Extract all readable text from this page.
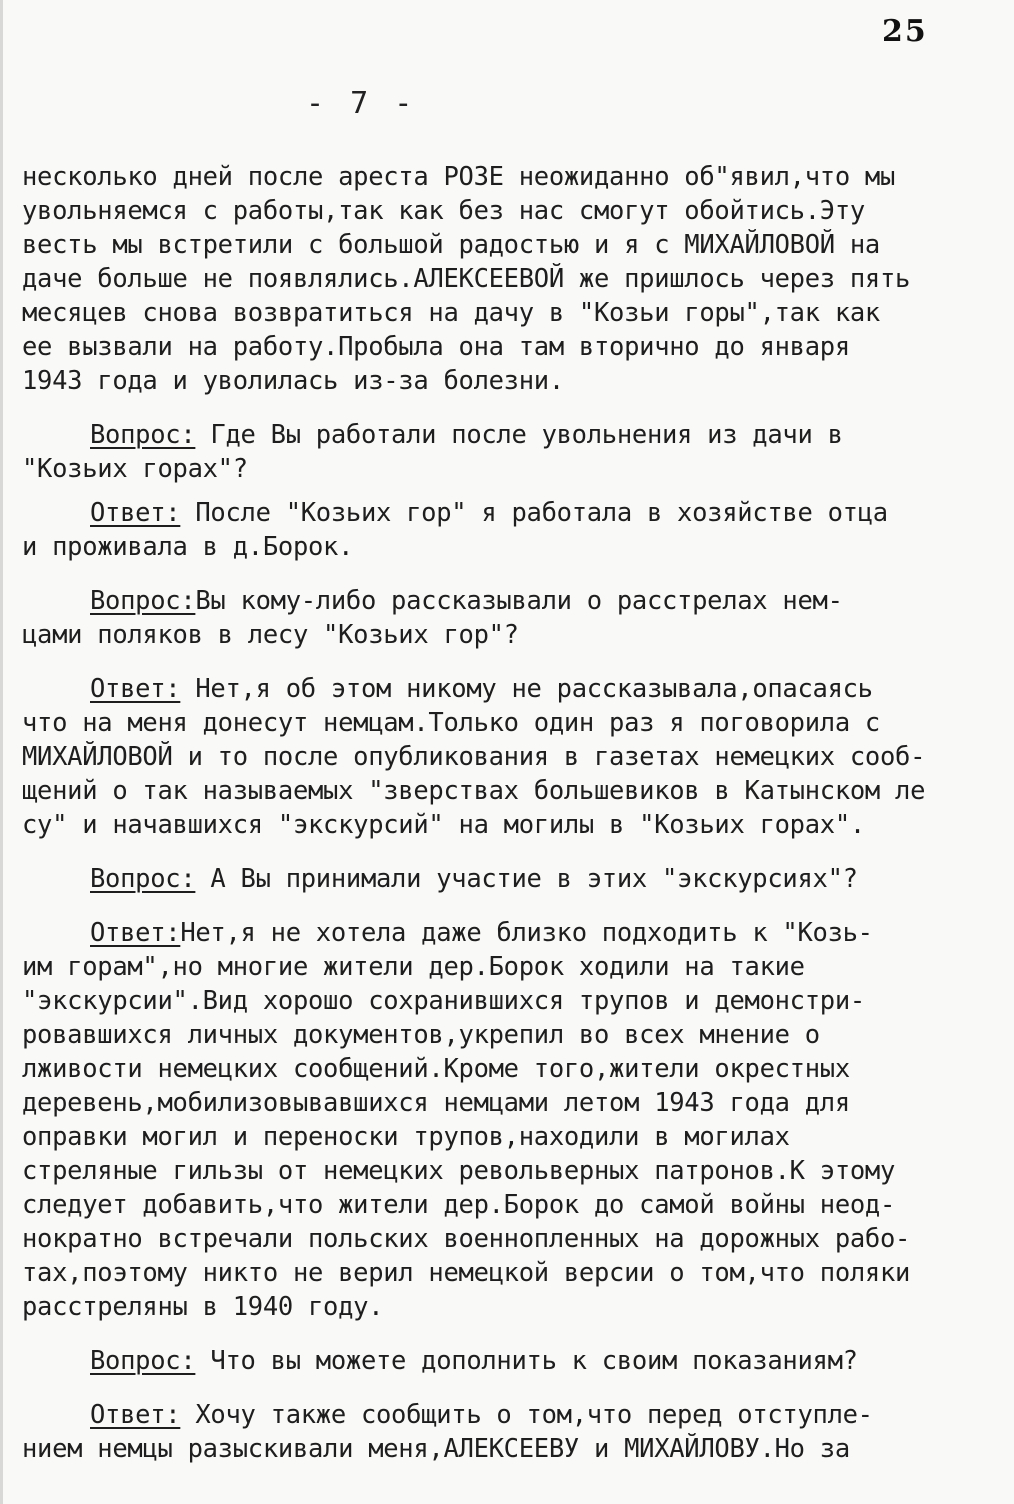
25
- 7 -
несколько дней после ареста РОЗЕ неожиданно об"явил,что мы
увольняемся с работы,так как без нас смогут обойтись.Эту
весть мы встретили с большой радостью и я с МИХАЙЛОВОЙ на
даче больше не появлялись.АЛЕКСЕЕВОЙ же пришлось через пять
месяцев снова возвратиться на дачу в "Козьи горы",так как
ее вызвали на работу.Пробыла она там вторично до января
1943 года и уволилась из-за болезни.
Вопрос: Где Вы работали после увольнения из дачи в
"Козьих горах"?
Ответ: После "Козьих гор" я работала в хозяйстве отца
и проживала в д.Борок.
Вопрос:Вы кому-либо рассказывали о расстрелах нем-
цами поляков в лесу "Козьих гор"?
Ответ: Нет,я об этом никому не рассказывала,опасаясь
что на меня донесут немцам.Только один раз я поговорила с
МИХАЙЛОВОЙ и то после опубликования в газетах немецких сооб-
щений о так называемых "зверствах большевиков в Катынском ле
су" и начавшихся "экскурсий" на могилы в "Козьих горах".
Вопрос: А Вы принимали участие в этих "экскурсиях"?
Ответ:Нет,я не хотела даже близко подходить к "Козь-
им горам",но многие жители дер.Борок ходили на такие
"экскурсии".Вид хорошо сохранившихся трупов и демонстри-
ровавшихся личных документов,укрепил во всех мнение о
лживости немецких сообщений.Кроме того,жители окрестных
деревень,мобилизовывавшихся немцами летом 1943 года для
оправки могил и переноски трупов,находили в могилах
стреляные гильзы от немецких револьверных патронов.К этому
следует добавить,что жители дер.Борок до самой войны неод-
нократно встречали польских военнопленных на дорожных рабо-
тах,поэтому никто не верил немецкой версии о том,что поляки
расстреляны в 1940 году.
Вопрос: Что вы можете дополнить к своим показаниям?
Ответ: Хочу также сообщить о том,что перед отступле-
нием немцы разыскивали меня,АЛЕКСЕЕВУ и МИХАЙЛОВУ.Но за
